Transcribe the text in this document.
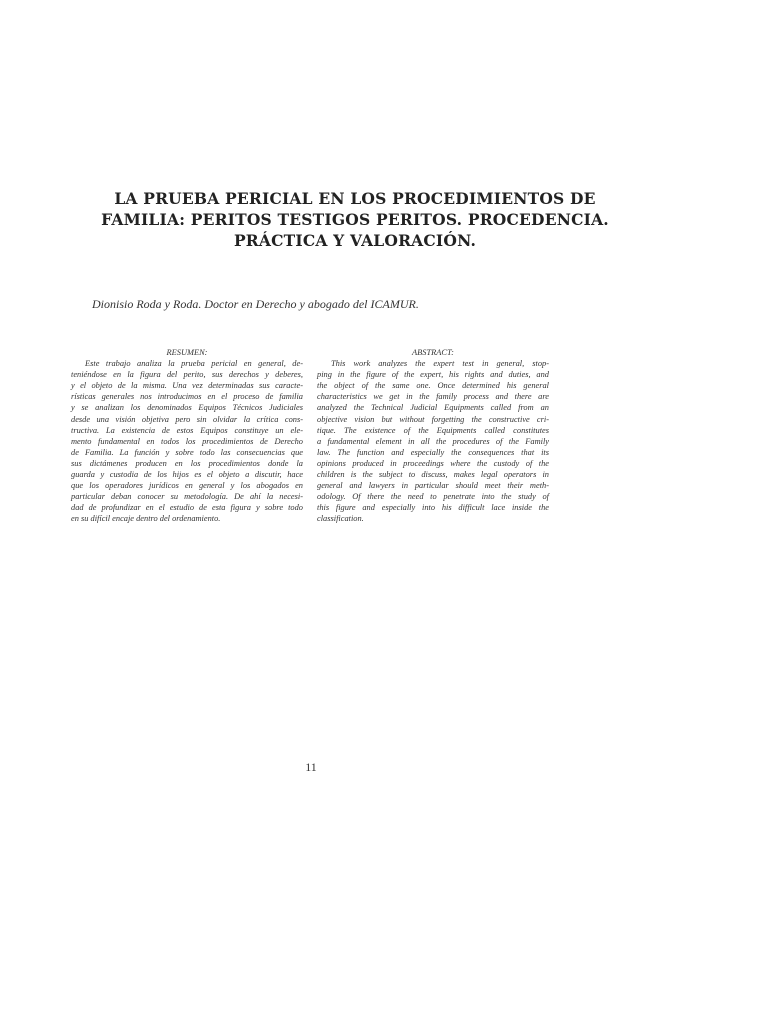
LA PRUEBA PERICIAL EN LOS PROCEDIMIENTOS DE
FAMILIA: PERITOS TESTIGOS PERITOS. PROCEDENCIA.
PRÁCTICA Y VALORACIÓN.
Dionisio Roda y Roda. Doctor en Derecho y abogado del ICAMUR.
RESUMEN:
Este trabajo analiza la prueba pericial en general, de-
teniéndose en la figura del perito, sus derechos y deberes,
y el objeto de la misma. Una vez determinadas sus caracte-
rísticas generales nos introducimos en el proceso de familia
y se analizan los denominados Equipos Técnicos Judiciales
desde una visión objetiva pero sin olvidar la crítica cons-
tructiva. La existencia de estos Equipos constituye un ele-
mento fundamental en todos los procedimientos de Derecho
de Familia. La función y sobre todo las consecuencias que
sus dictámenes producen en los procedimientos donde la
guarda y custodia de los hijos es el objeto a discutir, hace
que los operadores jurídicos en general y los abogados en
particular deban conocer su metodología. De ahí la necesi-
dad de profundizar en el estudio de esta figura y sobre todo
en su difícil encaje dentro del ordenamiento.
ABSTRACT:
This work analyzes the expert test in general, stop-
ping in the figure of the expert, his rights and duties, and
the object of the same one. Once determined his general
characteristics we get in the family process and there are
analyzed the Technical Judicial Equipments called from an
objective vision but without forgetting the constructive cri-
tique. The existence of the Equipments called constitutes
a fundamental element in all the procedures of the Family
law. The function and especially the consequences that its
opinions produced in proceedings where the custody of the
children is the subject to discuss, makes legal operators in
general and lawyers in particular should meet their meth-
odology. Of there the need to penetrate into the study of
this figure and especially into his difficult lace inside the
classification.
11
